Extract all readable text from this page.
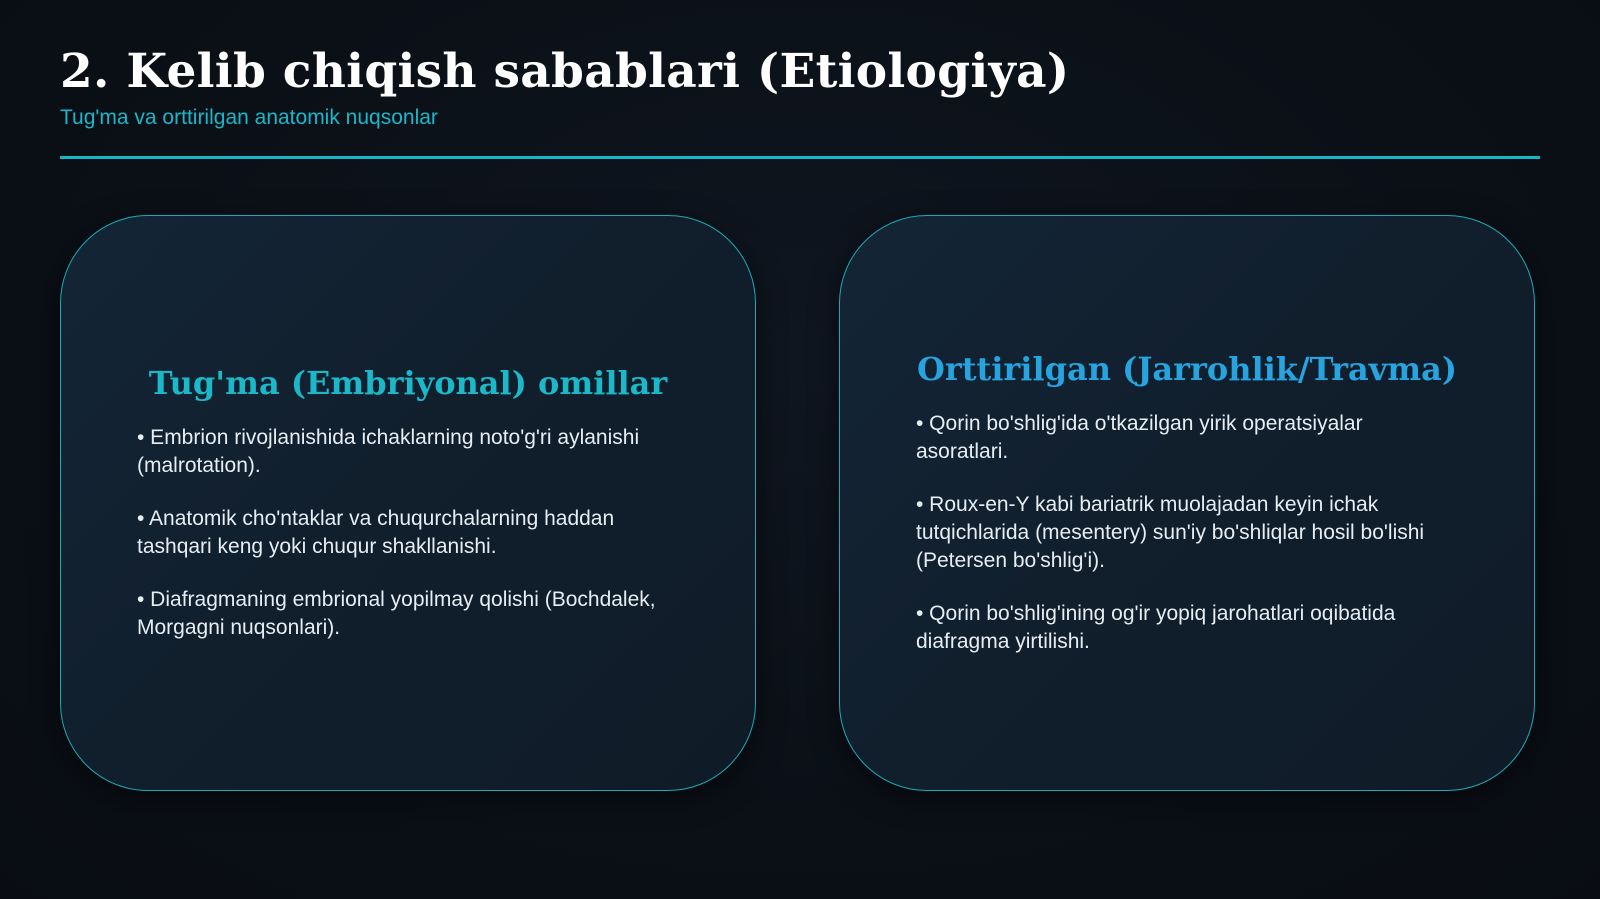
2. Kelib chiqish sabablari (Etiologiya)

Tug'ma va orttirilgan anatomik nuqsonlar

Tug'ma (Embriyonal) omillar
• Embrion rivojlanishida ichaklarning noto'g'ri aylanishi (malrotation).
• Anatomik cho'ntaklar va chuqurchalarning haddan tashqari keng yoki chuqur shakllanishi.
• Diafragmaning embrional yopilmay qolishi (Bochdalek, Morgagni nuqsonlari).
Orttirilgan (Jarrohlik/Travma)
• Qorin bo'shlig'ida o'tkazilgan yirik operatsiyalar asoratlari.
• Roux-en-Y kabi bariatrik muolajadan keyin ichak tutqichlarida (mesentery) sun'iy bo'shliqlar hosil bo'lishi (Petersen bo'shlig'i).
• Qorin bo'shlig'ining og'ir yopiq jarohatlari oqibatida diafragma yirtilishi.
